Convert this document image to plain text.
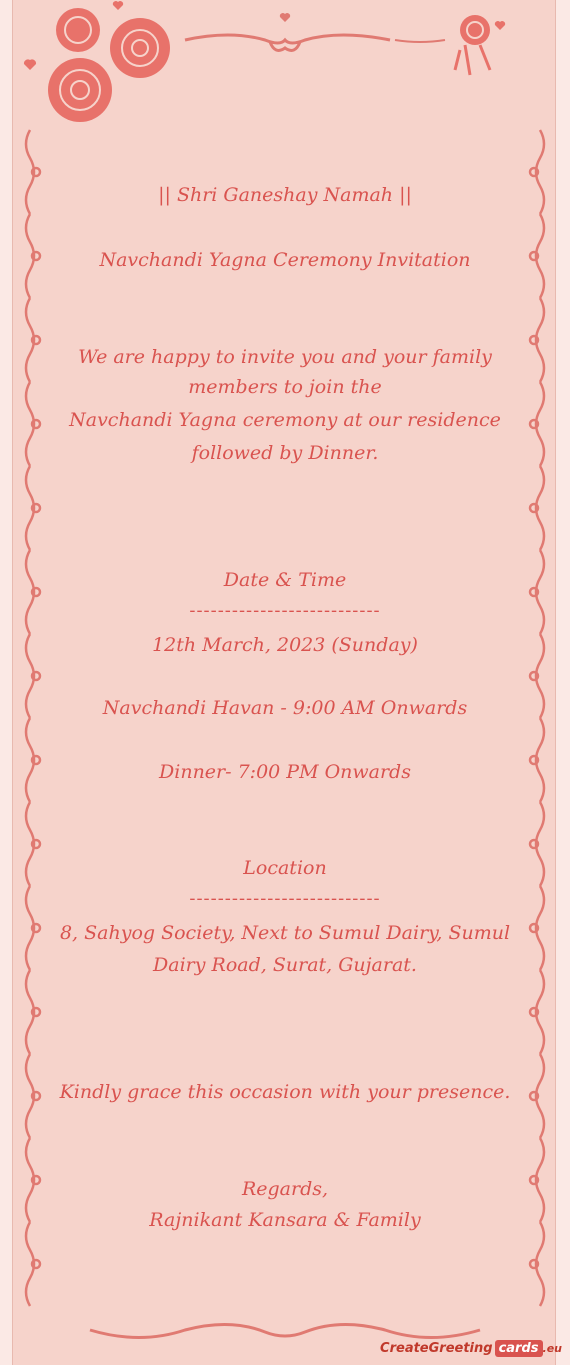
|| Shri Ganeshay Namah ||

Navchandi Yagna Ceremony Invitation

We are happy to invite you and your family

members to join the

Navchandi Yagna ceremony at our residence

followed by Dinner.

Date & Time

---------------------------

12th March, 2023 (Sunday)

Navchandi Havan - 9:00 AM Onwards

Dinner- 7:00 PM Onwards

Location

---------------------------

8, Sahyog Society, Next to Sumul Dairy, Sumul

Dairy Road, Surat, Gujarat.

Kindly grace this occasion with your presence.

Regards,

Rajnikant Kansara & Family

CreateGreeting cards .eu
